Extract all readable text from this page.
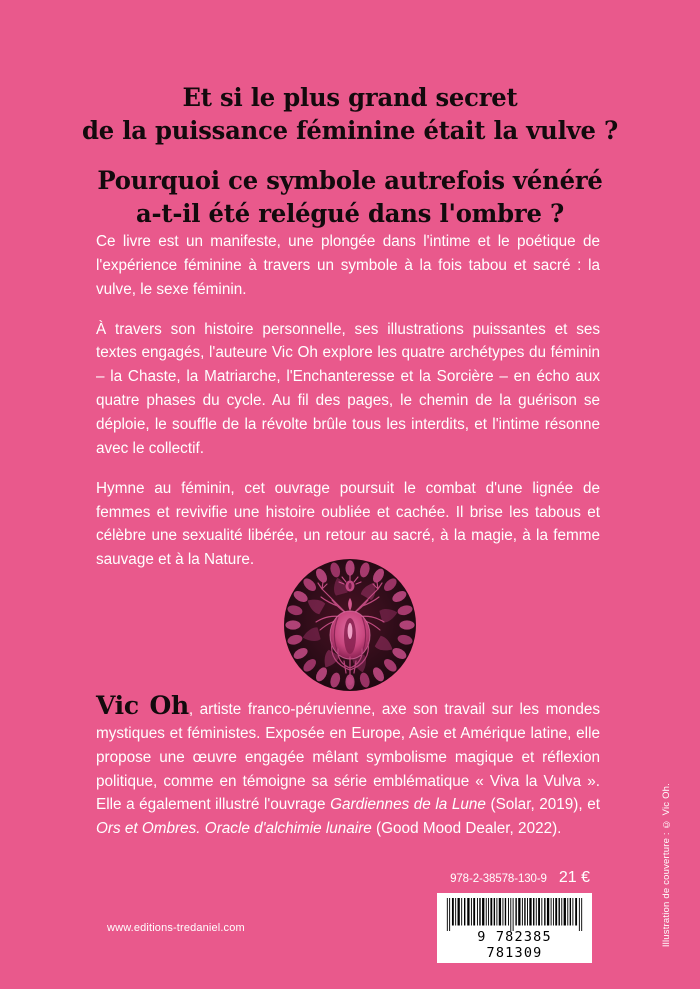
Et si le plus grand secret
de la puissance féminine était la vulve ?
Pourquoi ce symbole autrefois vénéré
a-t-il été relégué dans l'ombre ?

Ce livre est un manifeste, une plongée dans l'intime et le poétique de l'expérience féminine à travers un symbole à la fois tabou et sacré : la vulve, le sexe féminin.

À travers son histoire personnelle, ses illustrations puissantes et ses textes engagés, l'auteure Vic Oh explore les quatre archétypes du féminin – la Chaste, la Matriarche, l'Enchanteresse et la Sorcière – en écho aux quatre phases du cycle. Au fil des pages, le chemin de la guérison se déploie, le souffle de la révolte brûle tous les interdits, et l'intime résonne avec le collectif.

Hymne au féminin, cet ouvrage poursuit le combat d'une lignée de femmes et revivifie une histoire oubliée et cachée. Il brise les tabous et célèbre une sexualité libérée, un retour au sacré, à la magie, à la femme sauvage et à la Nature.

Vic Oh, artiste franco-péruvienne, axe son travail sur les mondes mystiques et féministes. Exposée en Europe, Asie et Amérique latine, elle propose une œuvre engagée mêlant symbolisme magique et réflexion politique, comme en témoigne sa série emblématique « Viva la Vulva ». Elle a également illustré l'ouvrage Gardiennes de la Lune (Solar, 2019), et Ors et Ombres. Oracle d'alchimie lunaire (Good Mood Dealer, 2022).

www.editions-tredaniel.com
978-2-38578-130-9 21 €
9 782385 781309
Illustration de couverture : © Vic Oh.
